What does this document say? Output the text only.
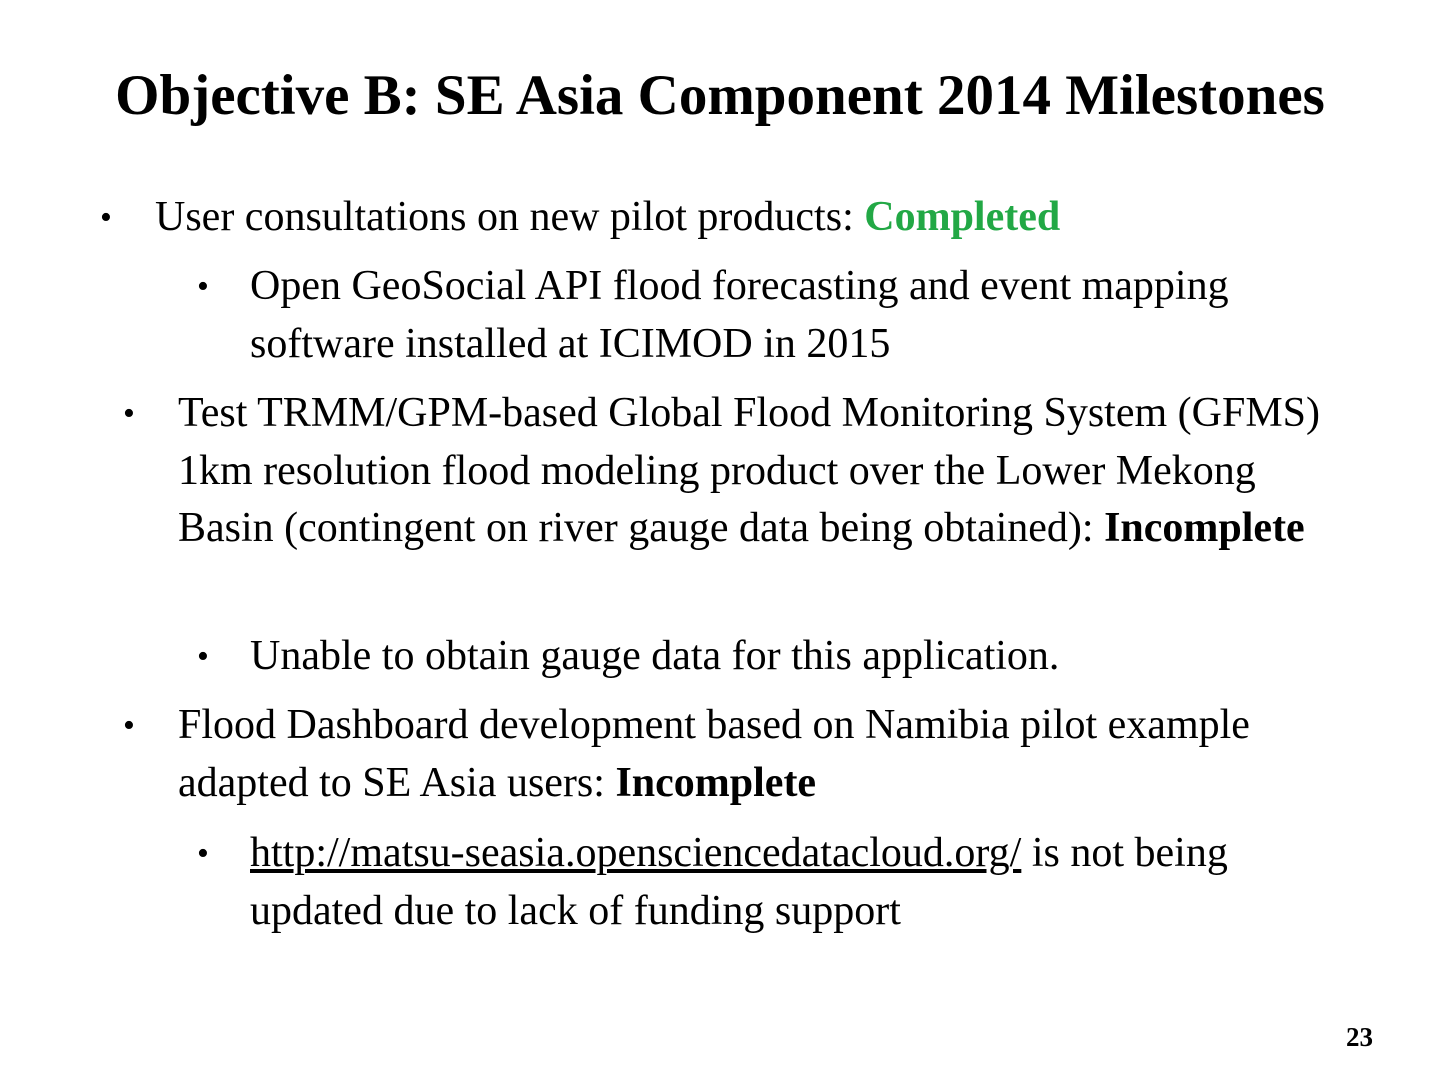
Objective B: SE Asia Component 2014 Milestones
• User consultations on new pilot products: Completed
• Open GeoSocial API flood forecasting and event mapping software installed at ICIMOD in 2015
• Test TRMM/GPM-based Global Flood Monitoring System (GFMS) 1km resolution flood modeling product over the Lower Mekong Basin (contingent on river gauge data being obtained): Incomplete
• Unable to obtain gauge data for this application.
• Flood Dashboard development based on Namibia pilot example adapted to SE Asia users: Incomplete
• http://matsu-seasia.opensciencedatacloud.org/ is not being updated due to lack of funding support
23
